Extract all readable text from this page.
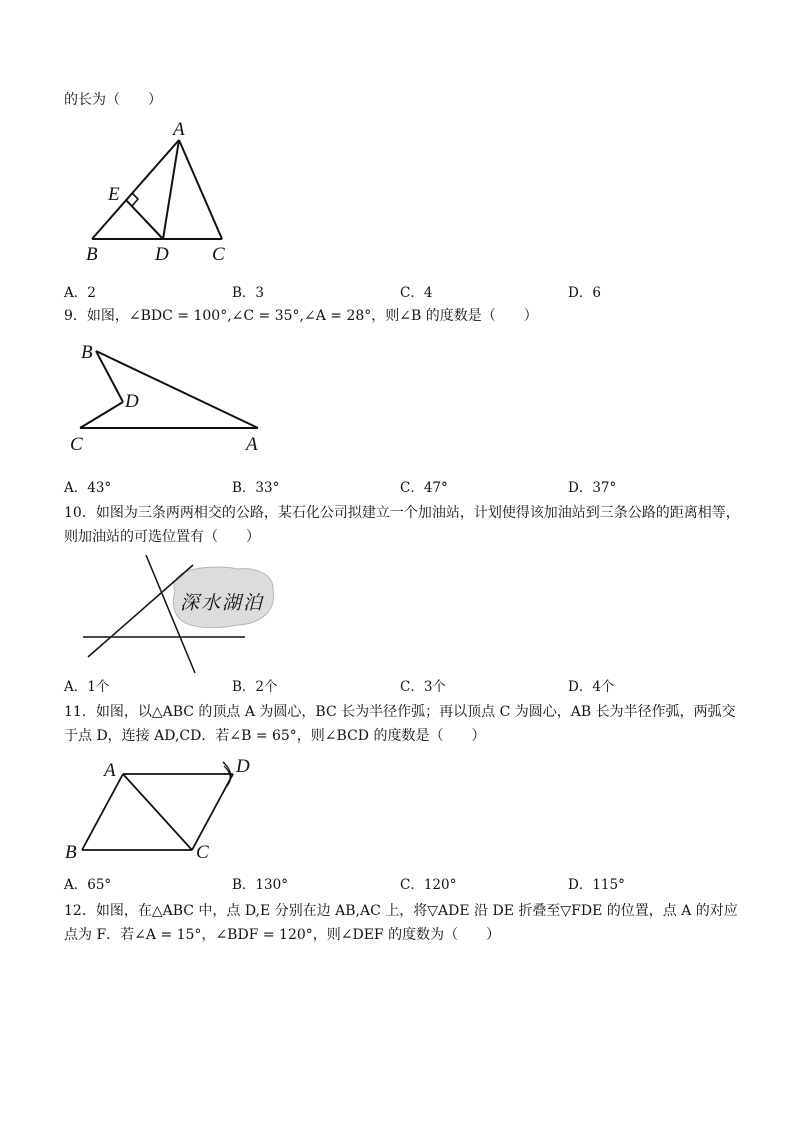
的长为（　　）
A
E
B	D C
A．2	B．3	C．4	D．6
9．如图，∠BDC = 100°,∠C = 35°,∠A = 28°，则∠B 的度数是（　　）
B
D
C	A
A．43°	B．33°	C．47°	D．37°
10．如图为三条两两相交的公路，某石化公司拟建立一个加油站，计划使得该加油站到三条公路的距离相等，
则加油站的可选位置有（　　）
深水湖泊
A．1个	B．2个	C．3个	D．4个
11．如图，以△ABC 的顶点 A 为圆心，BC 长为半径作弧；再以顶点 C 为圆心，AB 长为半径作弧，两弧交
于点 D，连接 AD,CD．若∠B = 65°，则∠BCD 的度数是（　　）
A	D
B	C
A．65°	B．130°	C．120°	D．115°
12．如图，在△ABC 中，点 D,E 分别在边 AB,AC 上，将▽ADE 沿 DE 折叠至▽FDE 的位置，点 A 的对应
点为 F．若∠A = 15°，∠BDF = 120°，则∠DEF 的度数为（　　）
